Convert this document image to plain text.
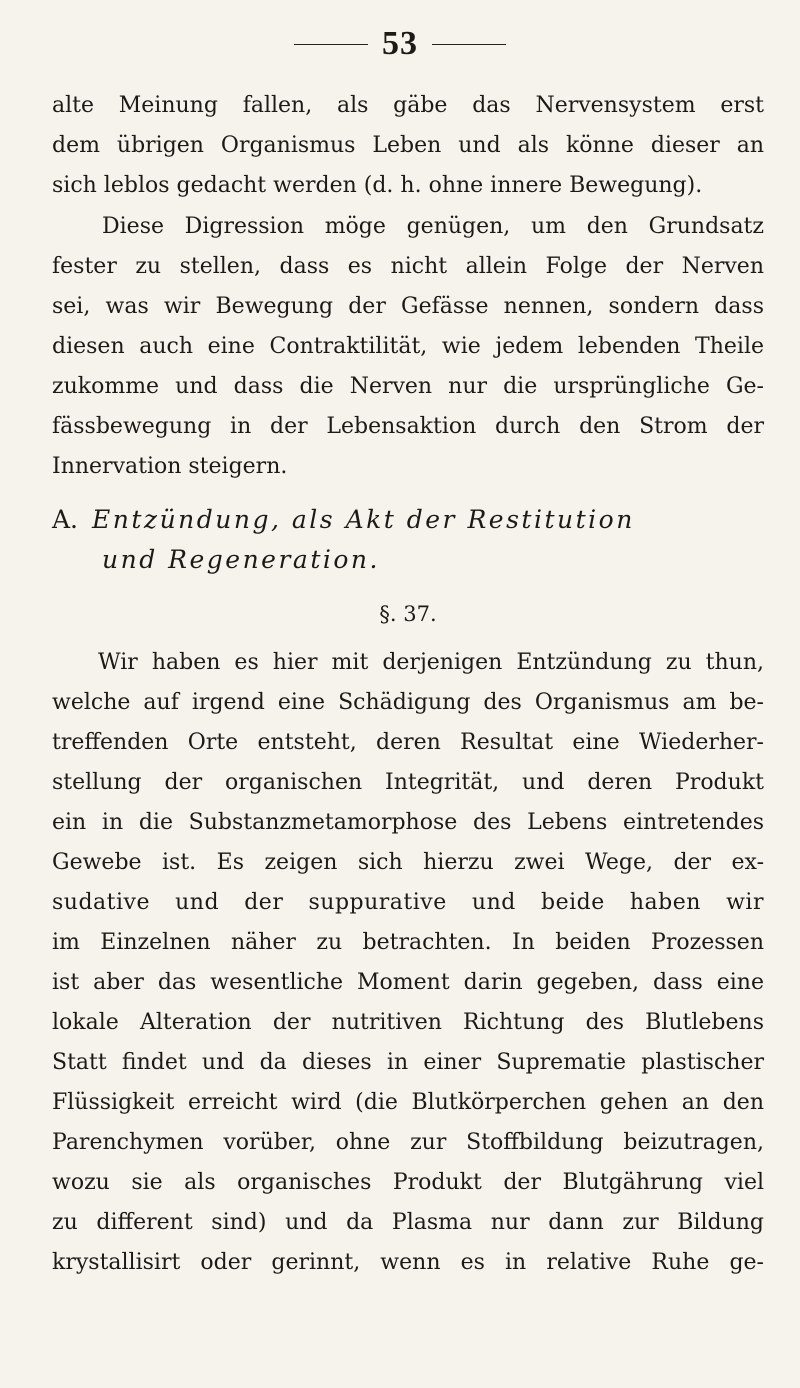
53
alte Meinung fallen, als gäbe das Nervensystem erst
dem übrigen Organismus Leben und als könne dieser an
sich leblos gedacht werden (d. h. ohne innere Bewegung).
Diese Digression möge genügen, um den Grundsatz
fester zu stellen, dass es nicht allein Folge der Nerven
sei, was wir Bewegung der Gefässe nennen, sondern dass
diesen auch eine Contraktilität, wie jedem lebenden Theile
zukomme und dass die Nerven nur die ursprüngliche Ge-
fässbewegung in der Lebensaktion durch den Strom der
Innervation steigern.
A. Entzündung, als Akt der Restitution
und Regeneration.
§. 37.
Wir haben es hier mit derjenigen Entzündung zu thun,
welche auf irgend eine Schädigung des Organismus am be-
treffenden Orte entsteht, deren Resultat eine Wiederher-
stellung der organischen Integrität, und deren Produkt
ein in die Substanzmetamorphose des Lebens eintretendes
Gewebe ist. Es zeigen sich hierzu zwei Wege, der ex-
sudative und der suppurative und beide haben wir
im Einzelnen näher zu betrachten. In beiden Prozessen
ist aber das wesentliche Moment darin gegeben, dass eine
lokale Alteration der nutritiven Richtung des Blutlebens
Statt findet und da dieses in einer Suprematie plastischer
Flüssigkeit erreicht wird (die Blutkörperchen gehen an den
Parenchymen vorüber, ohne zur Stoffbildung beizutragen,
wozu sie als organisches Produkt der Blutgährung viel
zu different sind) und da Plasma nur dann zur Bildung
krystallisirt oder gerinnt, wenn es in relative Ruhe ge-
